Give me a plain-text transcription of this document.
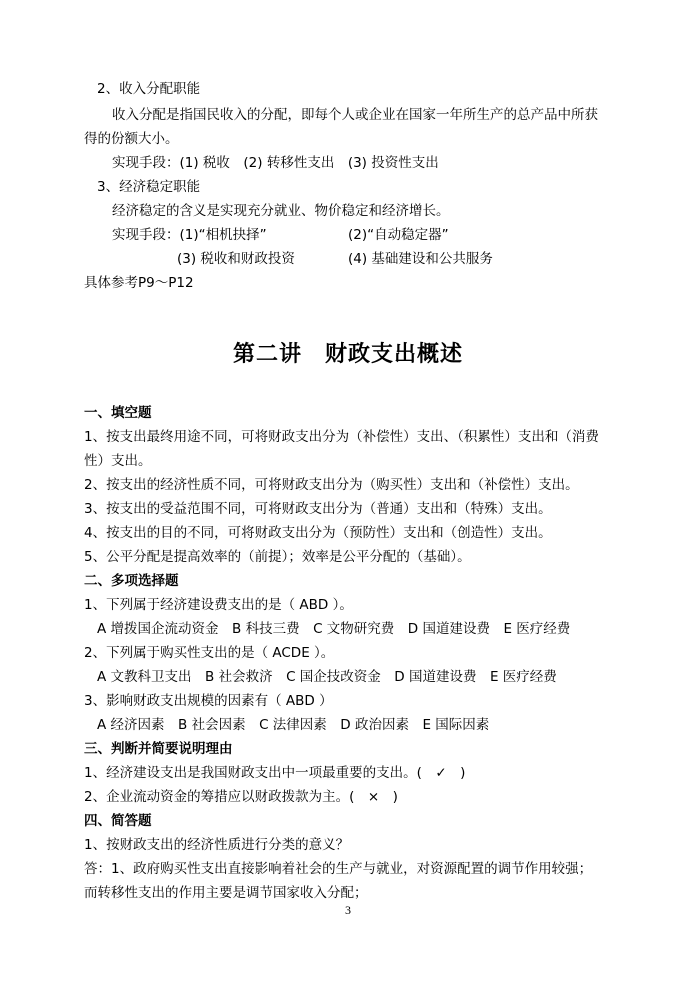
2、收入分配职能
收入分配是指国民收入的分配，即每个人或企业在国家一年所生产的总产品中所获
得的份额大小。
实现手段：(1) 税收　(2) 转移性支出　(3) 投资性支出
3、经济稳定职能
经济稳定的含义是实现充分就业、物价稳定和经济增长。
实现手段：(1)“相机抉择”	(2)“自动稳定器”
(3) 税收和财政投资	(4) 基础建设和公共服务
具体参考P9～P12
第二讲　财政支出概述
一、填空题
1、按支出最终用途不同，可将财政支出分为（补偿性）支出、（积累性）支出和（消费
性）支出。
2、按支出的经济性质不同，可将财政支出分为（购买性）支出和（补偿性）支出。
3、按支出的受益范围不同，可将财政支出分为（普通）支出和（特殊）支出。
4、按支出的目的不同，可将财政支出分为（预防性）支出和（创造性）支出。
5、公平分配是提高效率的（前提）；效率是公平分配的（基础）。
二、多项选择题
1、下列属于经济建设费支出的是（ ABD ）。
A 增拨国企流动资金　B 科技三费　C 文物研究费　D 国道建设费　E 医疗经费
2、下列属于购买性支出的是（ ACDE ）。
A 文教科卫支出　B 社会救济　C 国企技改资金　D 国道建设费　E 医疗经费
3、影响财政支出规模的因素有（ ABD ）
A 经济因素　B 社会因素　C 法律因素　D 政治因素　E 国际因素
三、判断并简要说明理由
1、经济建设支出是我国财政支出中一项最重要的支出。(　✓　)
2、企业流动资金的筹措应以财政拨款为主。(　×　)
四、简答题
1、按财政支出的经济性质进行分类的意义？
答：1、政府购买性支出直接影响着社会的生产与就业，对资源配置的调节作用较强；
而转移性支出的作用主要是调节国家收入分配；
3
